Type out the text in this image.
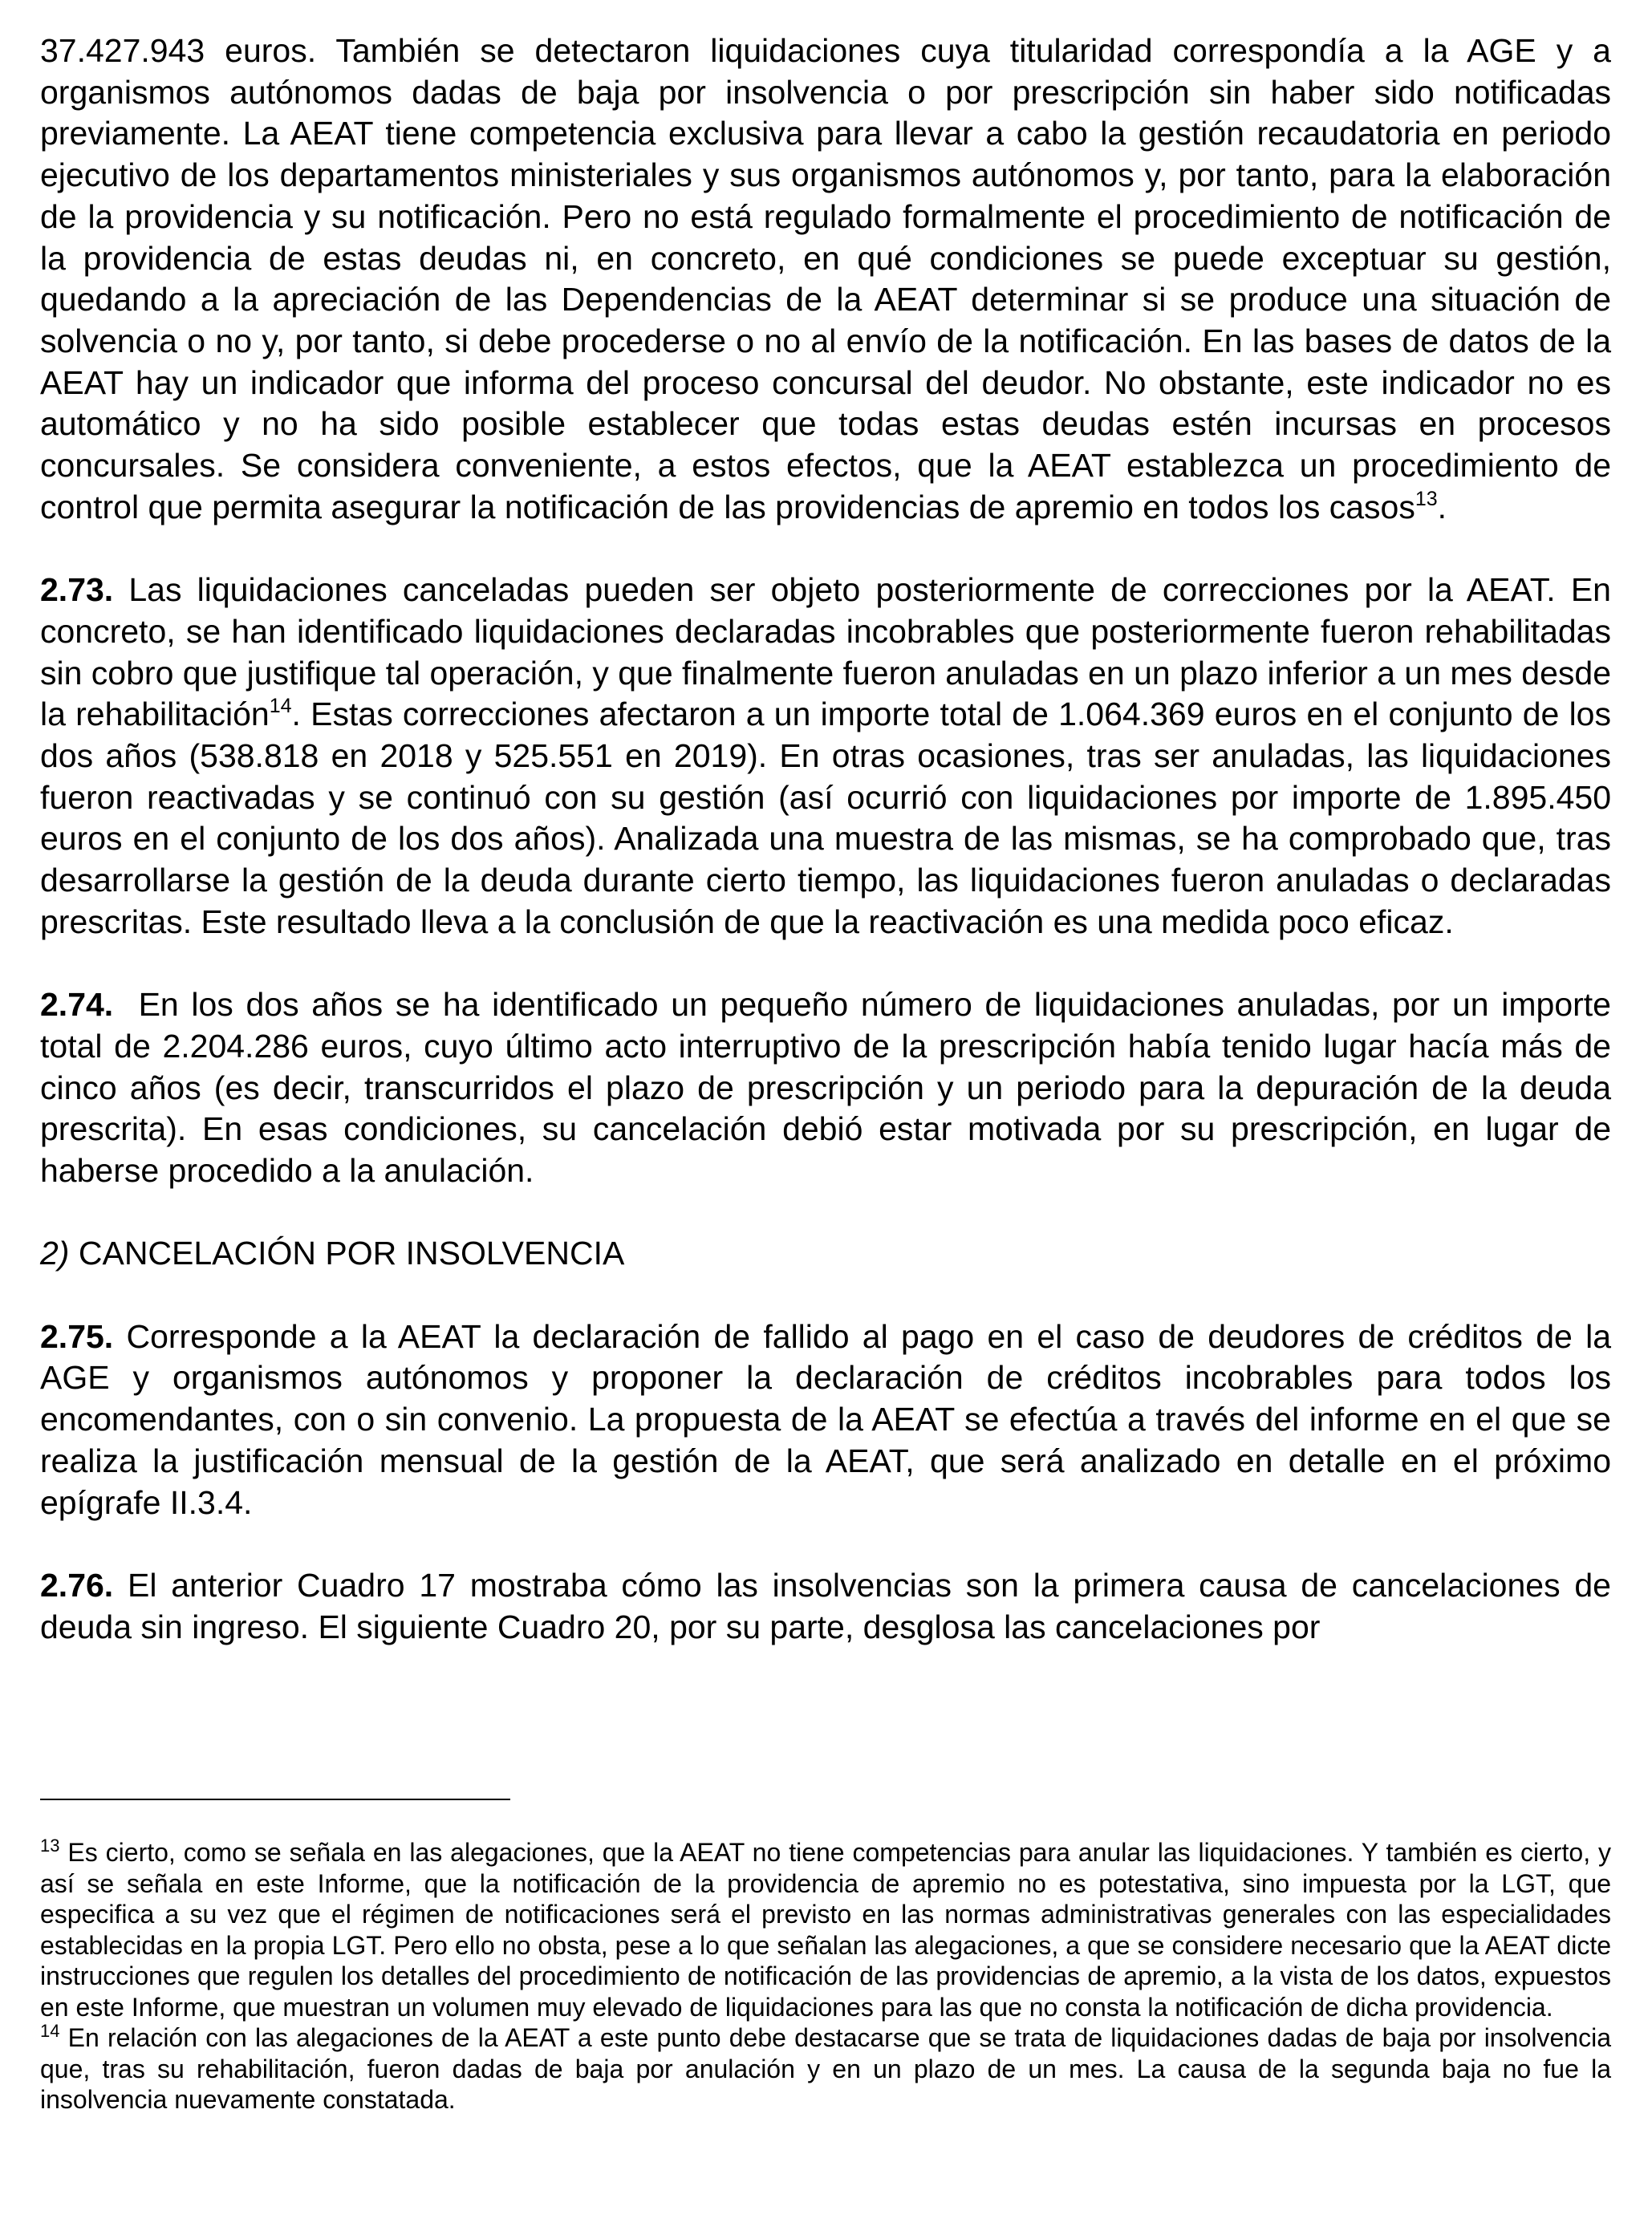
37.427.943 euros. También se detectaron liquidaciones cuya titularidad correspondía a la AGE y a organismos autónomos dadas de baja por insolvencia o por prescripción sin haber sido notificadas previamente. La AEAT tiene competencia exclusiva para llevar a cabo la gestión recaudatoria en periodo ejecutivo de los departamentos ministeriales y sus organismos autónomos y, por tanto, para la elaboración de la providencia y su notificación. Pero no está regulado formalmente el procedimiento de notificación de la providencia de estas deudas ni, en concreto, en qué condiciones se puede exceptuar su gestión, quedando a la apreciación de las Dependencias de la AEAT determinar si se produce una situación de solvencia o no y, por tanto, si debe procederse o no al envío de la notificación. En las bases de datos de la AEAT hay un indicador que informa del proceso concursal del deudor. No obstante, este indicador no es automático y no ha sido posible establecer que todas estas deudas estén incursas en procesos concursales. Se considera conveniente, a estos efectos, que la AEAT establezca un procedimiento de control que permita asegurar la notificación de las providencias de apremio en todos los casos$^{13}$.

2.73. Las liquidaciones canceladas pueden ser objeto posteriormente de correcciones por la AEAT. En concreto, se han identificado liquidaciones declaradas incobrables que posteriormente fueron rehabilitadas sin cobro que justifique tal operación, y que finalmente fueron anuladas en un plazo inferior a un mes desde la rehabilitación$^{14}$. Estas correcciones afectaron a un importe total de 1.064.369 euros en el conjunto de los dos años (538.818 en 2018 y 525.551 en 2019). En otras ocasiones, tras ser anuladas, las liquidaciones fueron reactivadas y se continuó con su gestión (así ocurrió con liquidaciones por importe de 1.895.450 euros en el conjunto de los dos años). Analizada una muestra de las mismas, se ha comprobado que, tras desarrollarse la gestión de la deuda durante cierto tiempo, las liquidaciones fueron anuladas o declaradas prescritas. Este resultado lleva a la conclusión de que la reactivación es una medida poco eficaz.

2.74.  En los dos años se ha identificado un pequeño número de liquidaciones anuladas, por un importe total de 2.204.286 euros, cuyo último acto interruptivo de la prescripción había tenido lugar hacía más de cinco años (es decir, transcurridos el plazo de prescripción y un periodo para la depuración de la deuda prescrita). En esas condiciones, su cancelación debió estar motivada por su prescripción, en lugar de haberse procedido a la anulación.

2) CANCELACIÓN POR INSOLVENCIA

2.75. Corresponde a la AEAT la declaración de fallido al pago en el caso de deudores de créditos de la AGE y organismos autónomos y proponer la declaración de créditos incobrables para todos los encomendantes, con o sin convenio. La propuesta de la AEAT se efectúa a través del informe en el que se realiza la justificación mensual de la gestión de la AEAT, que será analizado en detalle en el próximo epígrafe II.3.4.

2.76. El anterior Cuadro 17 mostraba cómo las insolvencias son la primera causa de cancelaciones de deuda sin ingreso. El siguiente Cuadro 20, por su parte, desglosa las cancelaciones por

$^{13}$ Es cierto, como se señala en las alegaciones, que la AEAT no tiene competencias para anular las liquidaciones. Y también es cierto, y así se señala en este Informe, que la notificación de la providencia de apremio no es potestativa, sino impuesta por la LGT, que especifica a su vez que el régimen de notificaciones será el previsto en las normas administrativas generales con las especialidades establecidas en la propia LGT. Pero ello no obsta, pese a lo que señalan las alegaciones, a que se considere necesario que la AEAT dicte instrucciones que regulen los detalles del procedimiento de notificación de las providencias de apremio, a la vista de los datos, expuestos en este Informe, que muestran un volumen muy elevado de liquidaciones para las que no consta la notificación de dicha providencia.

$^{14}$ En relación con las alegaciones de la AEAT a este punto debe destacarse que se trata de liquidaciones dadas de baja por insolvencia que, tras su rehabilitación, fueron dadas de baja por anulación y en un plazo de un mes. La causa de la segunda baja no fue la insolvencia nuevamente constatada.
